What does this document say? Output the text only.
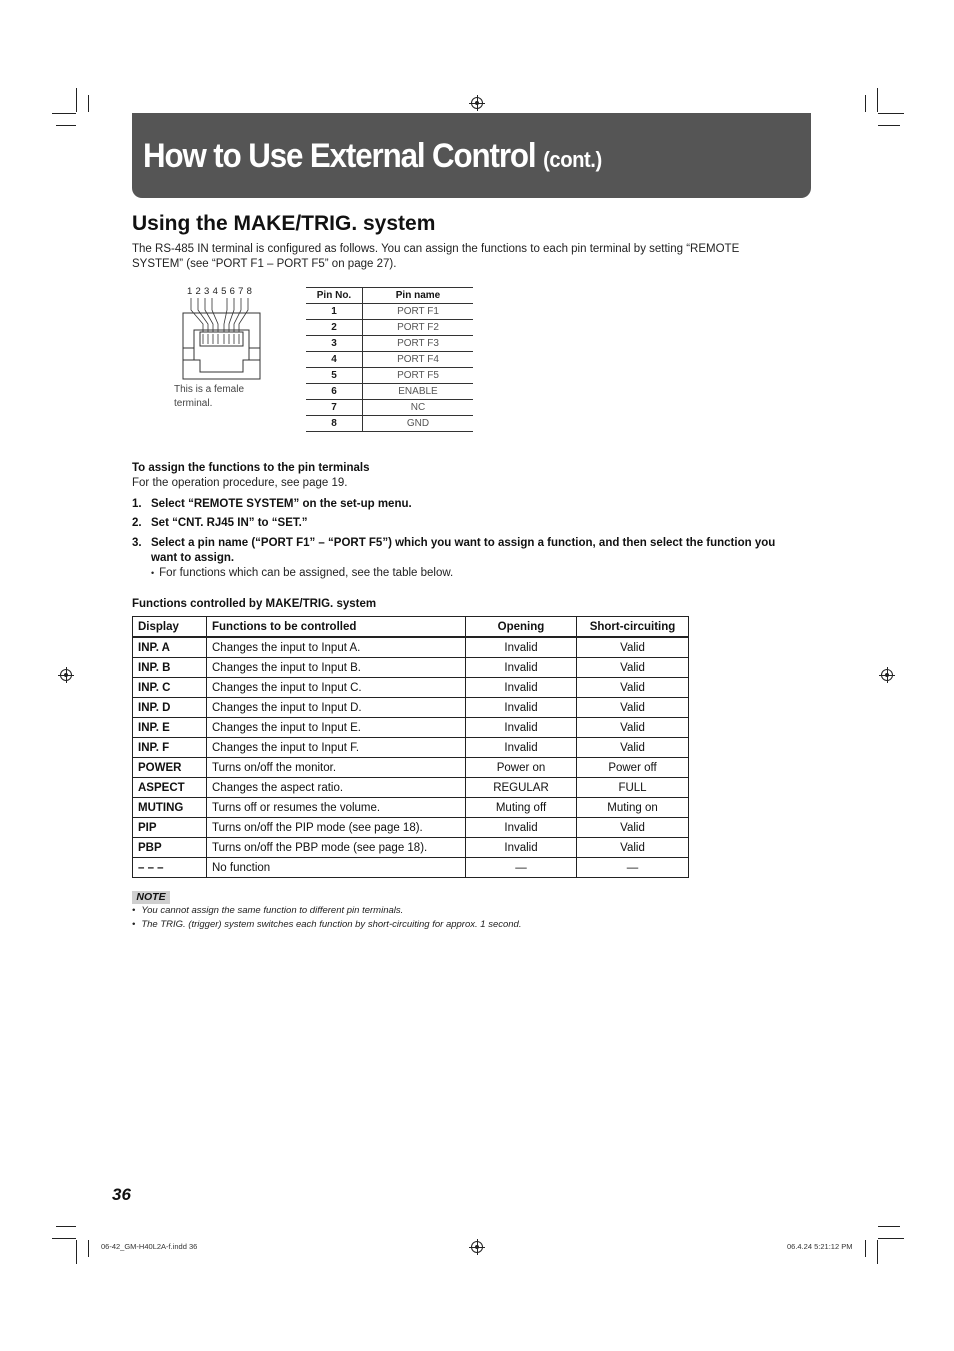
How to Use External Control (cont.)
Using the MAKE/TRIG. system
The RS-485 IN terminal is configured as follows. You can assign the functions to each pin terminal by setting “REMOTE
SYSTEM” (see “PORT F1 – PORT F5” on page 27).
1 2 3 4 5 6 7 8
This is a female
terminal.
Pin No.	Pin name
1	PORT F1
2	PORT F2
3	PORT F3
4	PORT F4
5	PORT F5
6	ENABLE
7	NC
8	GND
To assign the functions to the pin terminals
For the operation procedure, see page 19.
1. Select “REMOTE SYSTEM” on the set-up menu.
2. Set “CNT. RJ45 IN” to “SET.”
3. Select a pin name (“PORT F1” – “PORT F5”) which you want to assign a function, and then select the function you
want to assign.
• For functions which can be assigned, see the table below.
Functions controlled by MAKE/TRIG. system
Display	Functions to be controlled	Opening	Short-circuiting
INP. A	Changes the input to Input A.	Invalid	Valid
INP. B	Changes the input to Input B.	Invalid	Valid
INP. C	Changes the input to Input C.	Invalid	Valid
INP. D	Changes the input to Input D.	Invalid	Valid
INP. E	Changes the input to Input E.	Invalid	Valid
INP. F	Changes the input to Input F.	Invalid	Valid
POWER	Turns on/off the monitor.	Power on	Power off
ASPECT	Changes the aspect ratio.	REGULAR	FULL
MUTING	Turns off or resumes the volume.	Muting off	Muting on
PIP	Turns on/off the PIP mode (see page 18).	Invalid	Valid
PBP	Turns on/off the PBP mode (see page 18).	Invalid	Valid
– – –	No function	—	—
NOTE
• You cannot assign the same function to different pin terminals.
• The TRIG. (trigger) system switches each function by short-circuiting for approx. 1 second.
36
06-42_GM-H40L2A-f.indd 36	06.4.24 5:21:12 PM
